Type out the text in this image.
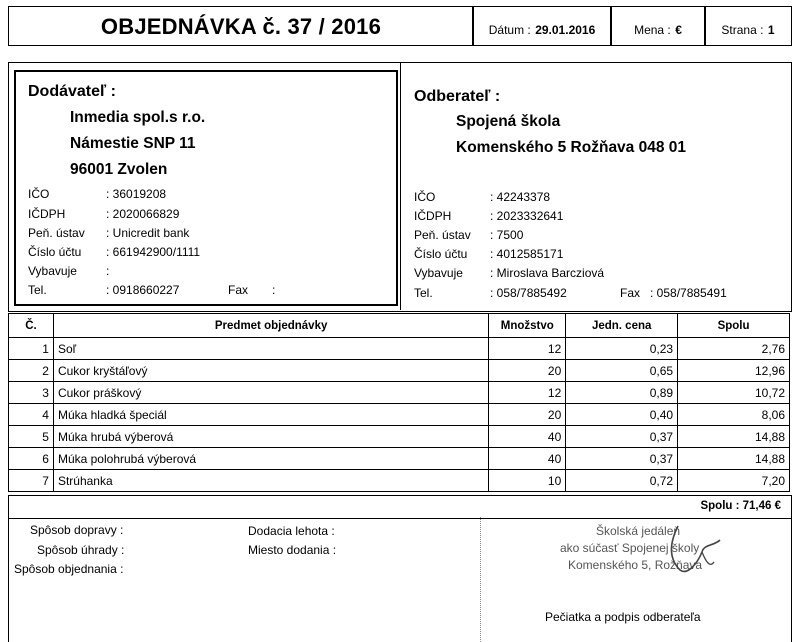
OBJEDNÁVKA č. 37 / 2016	Dátum : 29.01.2016	Mena : €	Strana : 1
Dodávateľ :
Inmedia spol.s r.o.
Námestie SNP 11
96001 Zvolen
IČO	: 36019208
IČDPH	: 2020066829
Peň. ústav : Unicredit bank
Číslo účtu : 661942900/1111
Vybavuje :
Tel.	: 0918660227	Fax :
Odberateľ :
Spojená škola
Komenského 5 Rožňava 048 01
IČO	: 42243378
IČDPH	: 2023332641
Peň. ústav : 7500
Číslo účtu : 4012585171
Vybavuje : Miroslava Barcziová
Tel.	: 058/7885492	Fax : 058/7885491
Č.	Predmet objednávky	Množstvo	Jedn. cena	Spolu
1	Soľ	12	0,23	2,76
2	Cukor kryštáľový	20	0,65	12,96
3	Cukor práškový	12	0,89	10,72
4	Múka hladká špeciál	20	0,40	8,06
5	Múka hrubá výberová	40	0,37	14,88
6	Múka polohrubá výberová	40	0,37	14,88
7	Strúhanka	10	0,72	7,20
Spolu : 71,46 €
Spôsob dopravy :
Spôsob úhrady :
Spôsob objednania :
Dodacia lehota :
Miesto dodania :
Školská jedáleň
ako súčasť Spojenej školy
Komenského 5, Rožňava
Pečiatka a podpis odberateľa
